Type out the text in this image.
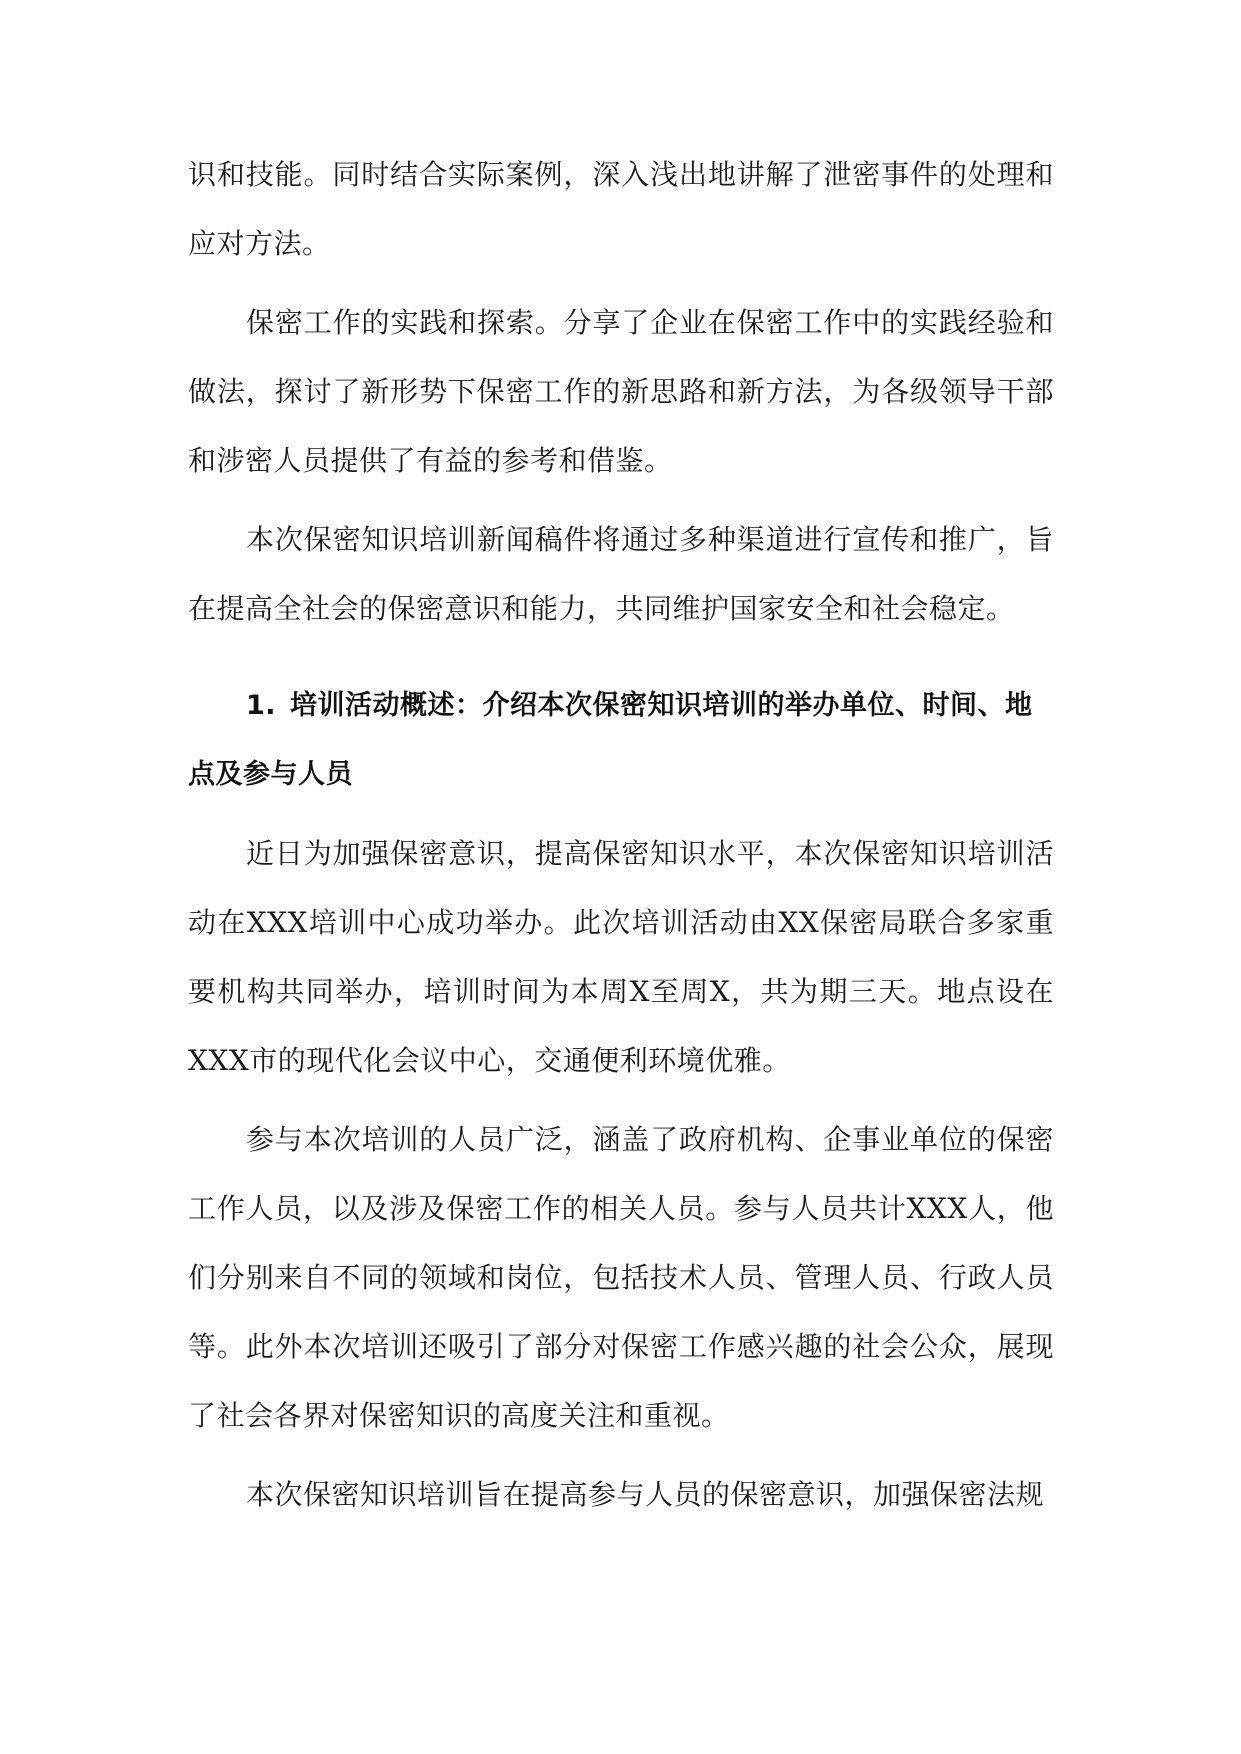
识和技能。同时结合实际案例，深入浅出地讲解了泄密事件的处理和应对方法。

保密工作的实践和探索。分享了企业在保密工作中的实践经验和做法，探讨了新形势下保密工作的新思路和新方法，为各级领导干部和涉密人员提供了有益的参考和借鉴。

本次保密知识培训新闻稿件将通过多种渠道进行宣传和推广，旨在提高全社会的保密意识和能力，共同维护国家安全和社会稳定。

1. 培训活动概述：介绍本次保密知识培训的举办单位、时间、地点及参与人员

近日为加强保密意识，提高保密知识水平，本次保密知识培训活动在XXX培训中心成功举办。此次培训活动由XX保密局联合多家重要机构共同举办，培训时间为本周X至周X，共为期三天。地点设在XXX市的现代化会议中心，交通便利环境优雅。

参与本次培训的人员广泛，涵盖了政府机构、企事业单位的保密工作人员，以及涉及保密工作的相关人员。参与人员共计XXX人，他们分别来自不同的领域和岗位，包括技术人员、管理人员、行政人员等。此外本次培训还吸引了部分对保密工作感兴趣的社会公众，展现了社会各界对保密知识的高度关注和重视。

本次保密知识培训旨在提高参与人员的保密意识，加强保密法规
